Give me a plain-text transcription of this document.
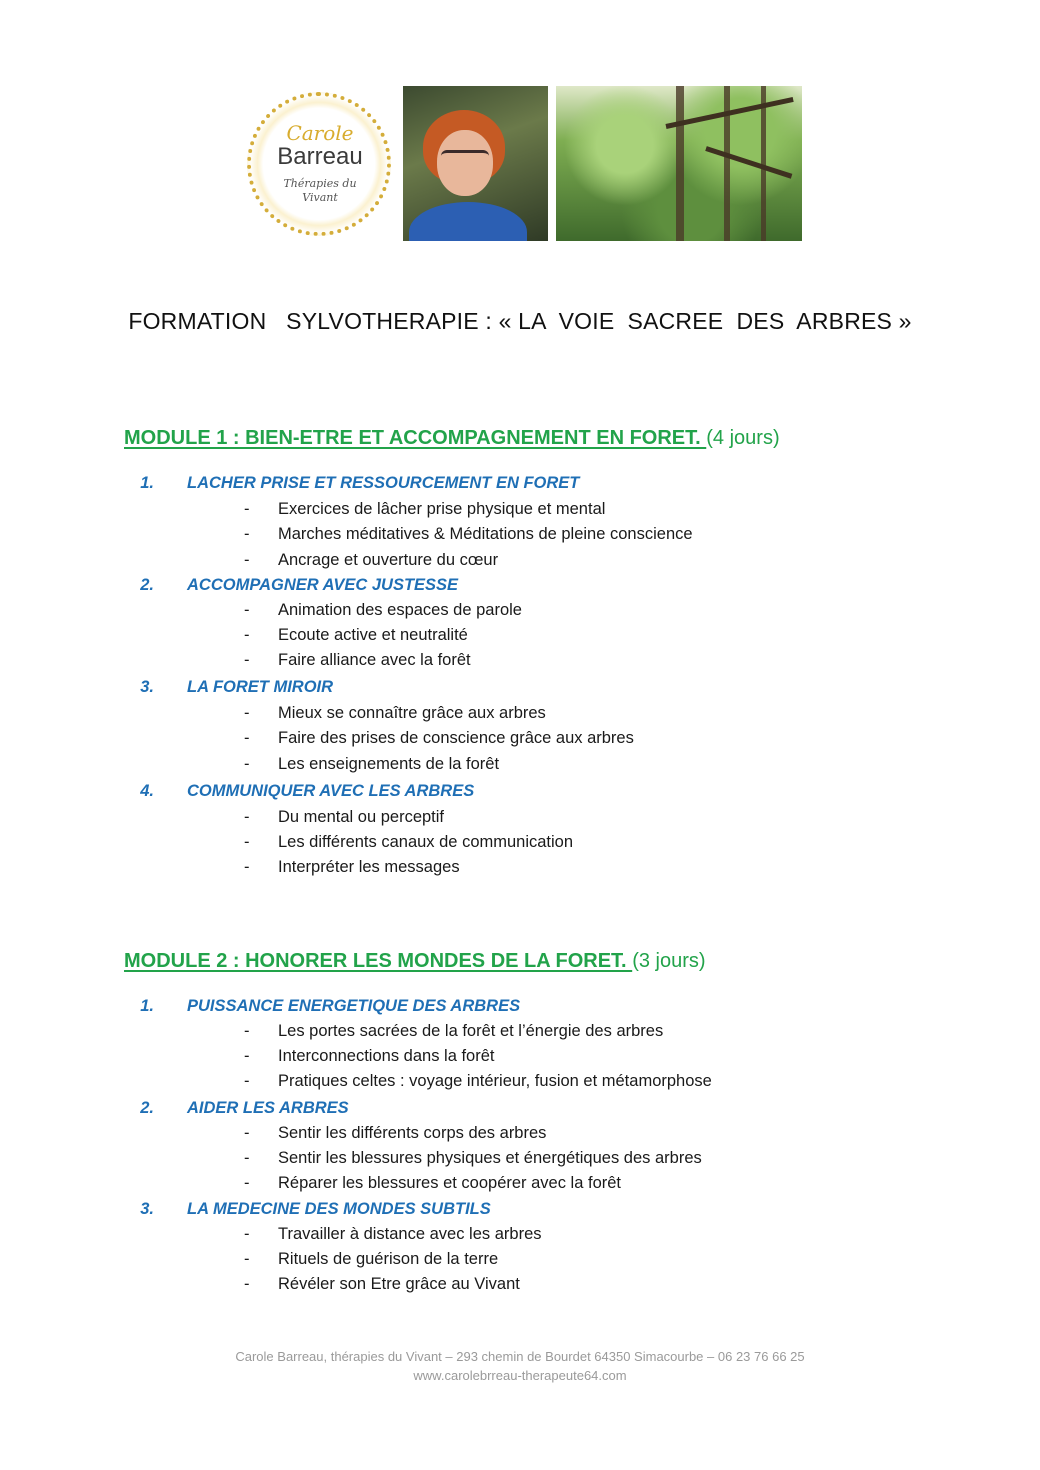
Carole
Barreau
Thérapies du
Vivant
FORMATION   SYLVOTHERAPIE : « LA  VOIE  SACREE  DES  ARBRES »
MODULE 1 : BIEN-ETRE ET ACCOMPAGNEMENT EN FORET. (4 jours)
1. LACHER PRISE ET RESSOURCEMENT EN FORET
- Exercices de lâcher prise physique et mental
- Marches méditatives & Méditations de pleine conscience
- Ancrage et ouverture du cœur
2. ACCOMPAGNER AVEC JUSTESSE
- Animation des espaces de parole
- Ecoute active et neutralité
- Faire alliance avec la forêt
3. LA FORET MIROIR
- Mieux se connaître grâce aux arbres
- Faire des prises de conscience grâce aux arbres
- Les enseignements de la forêt
4. COMMUNIQUER AVEC LES ARBRES
- Du mental ou perceptif
- Les différents canaux de communication
- Interpréter les messages
MODULE 2 : HONORER LES MONDES DE LA FORET. (3 jours)
1. PUISSANCE ENERGETIQUE DES ARBRES
- Les portes sacrées de la forêt et l’énergie des arbres
- Interconnections dans la forêt
- Pratiques celtes : voyage intérieur, fusion et métamorphose
2. AIDER LES ARBRES
- Sentir les différents corps des arbres
- Sentir les blessures physiques et énergétiques des arbres
- Réparer les blessures et coopérer avec la forêt
3. LA MEDECINE DES MONDES SUBTILS
- Travailler à distance avec les arbres
- Rituels de guérison de la terre
- Révéler son Etre grâce au Vivant
Carole Barreau, thérapies du Vivant – 293 chemin de Bourdet 64350 Simacourbe – 06 23 76 66 25
www.carolebrreau-therapeute64.com
